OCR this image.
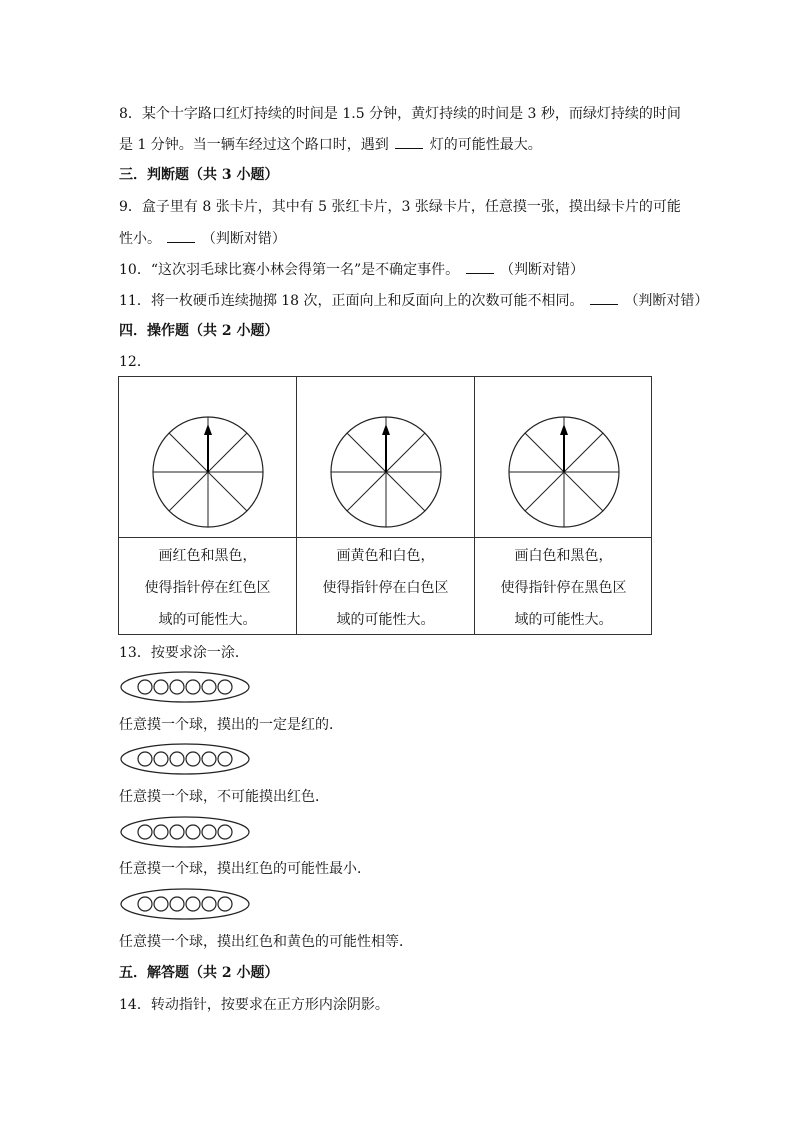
8．某个十字路口红灯持续的时间是 1.5 分钟，黄灯持续的时间是 3 秒，而绿灯持续的时间
是 1 分钟。当一辆车经过这个路口时，遇到	灯的可能性最大。
三．判断题（共 3 小题）
9．盒子里有 8 张卡片，其中有 5 张红卡片，3 张绿卡片，任意摸一张，摸出绿卡片的可能
性小。	（判断对错）
10．“这次羽毛球比赛小林会得第一名”是不确定事件。	（判断对错）
11．将一枚硬币连续抛掷 18 次，正面向上和反面向上的次数可能不相同。	（判断对错）
四．操作题（共 2 小题）
12．
画红色和黑色，
使得指针停在红色区
域的可能性大。
画黄色和白色，
使得指针停在白色区
域的可能性大。
画白色和黑色，
使得指针停在黑色区
域的可能性大。
13．按要求涂一涂．
任意摸一个球，摸出的一定是红的．
任意摸一个球，不可能摸出红色．
任意摸一个球，摸出红色的可能性最小．
任意摸一个球，摸出红色和黄色的可能性相等．
五．解答题（共 2 小题）
14．转动指针，按要求在正方形内涂阴影。
